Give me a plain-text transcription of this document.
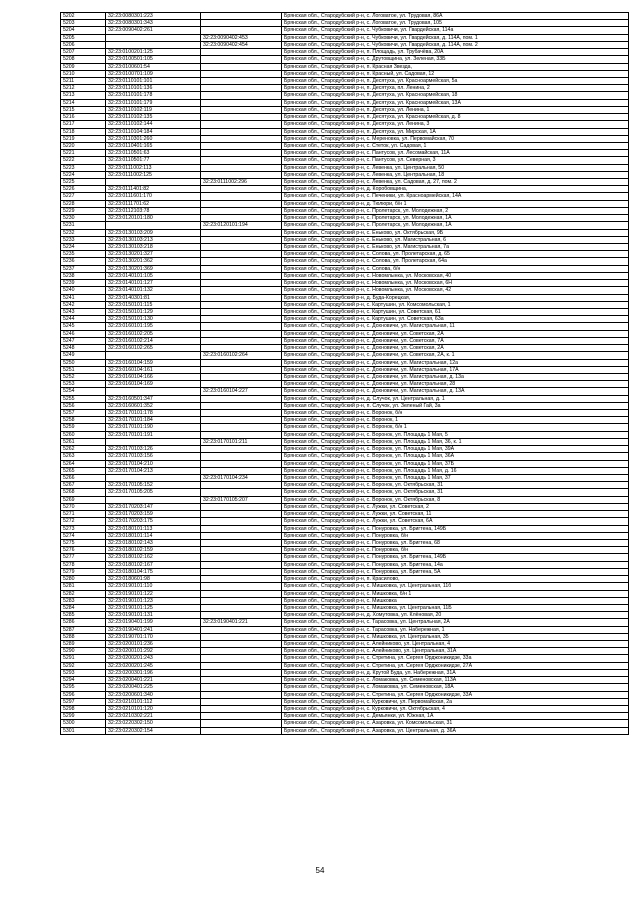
5202	32:23:0080301:223		Брянская обл., Стародубский р-н, с. Логоватое, ул. Трудовая, 86А
5203	32:23:0080301:343		Брянская обл., Стародубский р-н, с. Логоватое, ул. Трудовая, 105
5204	32:23:0090402:261		Брянская обл., Стародубский р-н, с. Чубковичи, ул. Гвардейская, 114а
5205		32:23:0090402:453	Брянская обл., Стародубский р-н, с. Чубковичи, ул. Гвардейская, д. 114А, пом. 1
5206		32:23:0090402:454	Брянская обл., Стародубский р-н, с. Чубковичи, ул. Гвардейская, д. 114А, пом. 2
5207	32:23:0100201:125		Брянская обл., Стародубский р-н, п. Площадь, ул. Трубачёва, 20А
5208	32:23:0100501:105		Брянская обл., Стародубский р-н, с. Друтовщина, ул. Зеленая, 33Б
5209	32:23:0100601:54		Брянская обл., Стародубский р-н, п. Красная Звезда,
5210	32:23:0100701:109		Брянская обл., Стародубский р-н, п. Красный, ул. Садовая, 12
5211	32:23:0110101:101		Брянская обл., Стародубский р-н, п. Десятуха, ул. Красноармейская, 5а
5212	32:23:0110101:136		Брянская обл., Стародубский р-н, п. Десятуха, пл. Ленина, 2
5213	32:23:0110101:178		Брянская обл., Стародубский р-н, п. Десятуха, ул. Красноармейская, 18
5214	32:23:0110101:179		Брянская обл., Стародубский р-н, п. Десятуха, ул. Красноармейская, 13А
5215	32:23:0110102:119		Брянская обл., Стародубский р-н, п. Десятуха, ул. Ленина, 1
5216	32:23:0110102:135		Брянская обл., Стародубский р-н, п. Десятуха, ул. Красноармейская, д. 8
5217	32:23:0110102:144		Брянская обл., Стародубский р-н, п. Десятуха, ул. Ленина, 3
5218	32:23:0110104:184		Брянская обл., Стародубский р-н, п. Десятуха, ул. Мирская, 1А
5219	32:23:0110301:260		Брянская обл., Стародубский р-н, с. Мереновка, ул. Первомайская, 70
5220	32:23:0110401:165		Брянская обл., Стародубский р-н, с. Стеток, ул. Садовая, 1
5221	32:23:0110501:63		Брянская обл., Стародубский р-н, с. Пантусов, ул. Лесомайская, 11А
5222	32:23:0110501:77		Брянская обл., Стародубский р-н, с. Пантусов, ул. Северная, 3
5223	32:23:0111002:113		Брянская обл., Стародубский р-н, с. Левенка, ул. Центральная, 50
5224	32:23:0111002:125		Брянская обл., Стародубский р-н, с. Левенка, ул. Центральная, 18
5225		32:23:0111002:296	Брянская обл., Стародубский р-н, с. Левенка, ул. Садовая, д. 27, пом. 2
5226	32:23:0111401:82		Брянская обл., Стародубский р-н, д. Коробовщина,
5227	32:23:0111601:170		Брянская обл., Стародубский р-н, с. Печеники, ул. Красноармейская, 14А
5228	32:23:0111701:62		Брянская обл., Стародубский р-н, д. Тюлюри, б/н 1
5229	32:23:0112103:78		Брянская обл., Стародубский р-н, с. Пролетарск, ул. Молодежная, 2
5230	32:23:0120101:180		Брянская обл., Стародубский р-н, с. Пролетарск, ул. Молодежная, 1А
5231		32:23:0120101:194	Брянская обл., Стародубский р-н, с. Пролетарск, ул. Молодежная, 1А
5232	32:23:0130103:209		Брянская обл., Стародубский р-н, с. Еньково, ул. Октябрьская, 9Б
5233	32:23:0130103:213		Брянская обл., Стародубский р-н, с. Еньково, ул. Магистральная, 6
5234	32:23:0130103:218		Брянская обл., Стародубский р-н, с. Еньково, ул. Магистральная, 7а
5235	32:23:0130201:327		Брянская обл., Стародубский р-н, с. Солова, ул. Пролетарская, д. 65
5236	32:23:0130201:362		Брянская обл., Стародубский р-н, с. Солова, ул. Пролетарская, 64а
5237	32:23:0130201:369		Брянская обл., Стародубский р-н, с. Солова, б/н
5238	32:23:0140101:105		Брянская обл., Стародубский р-н, с. Новомлынка, ул. Московская, 40
5239	32:23:0140101:127		Брянская обл., Стародубский р-н, с. Новомлынка, ул. Московская, 6Н
5240	32:23:0140101:132		Брянская обл., Стародубский р-н, с. Новомлынка, ул. Московская, 42
5241	32:23:0140301:81		Брянская обл., Стародубский р-н, д. Буда-Корецкая,
5242	32:23:0150101:115		Брянская обл., Стародубский р-н, с. Картушин, ул. Комсомольская, 1
5243	32:23:0150101:129		Брянская обл., Стародубский р-н, с. Картушин, ул. Советская, 61
5244	32:23:0150101:130		Брянская обл., Стародубский р-н, с. Картушин, ул. Советская, 63а
5245	32:23:0160101:195		Брянская обл., Стародубский р-н, с. Дохновичи, ул. Магистральная, 11
5246	32:23:0160102:205		Брянская обл., Стародубский р-н, с. Дохновичи, ул. Советская, 2А
5247	32:23:0160102:214		Брянская обл., Стародубский р-н, с. Дохновичи, ул. Советская, 7А
5248	32:23:0160102:265		Брянская обл., Стародубский р-н, с. Дохновичи, ул. Советская, 2А
5249		32:23:0160102:264	Брянская обл., Стародубский р-н, с. Дохновичи, ул. Советская, 2А, к. 1
5250	32:23:0160104:159		Брянская обл., Стародубский р-н, с. Дохновичи, ул. Магистральная, 12а
5251	32:23:0160104:161		Брянская обл., Стародубский р-н, с. Дохновичи, ул. Магистральная, 17А
5252	32:23:0160104:166		Брянская обл., Стародубский р-н, с. Дохновичи, ул. Магистральная, д. 13а
5253	32:23:0160104:169		Брянская обл., Стародубский р-н, с. Дохновичи, ул. Магистральная, 28
5254		32:23:0160104:227	Брянская обл., Стародубский р-н, с. Дохновичи, ул. Магистральная, д. 13А
5255	32:23:0160501:347		Брянская обл., Стародубский р-н, д. Случок, ул. Центральная, д. 1
5256	32:23:0160601:352		Брянская обл., Стародубский р-н, п. Случок, ул. Зеленый Гай, 3а
5257	32:23:0170101:178		Брянская обл., Стародубский р-н, с. Воронок, б/н
5258	32:23:0170101:184		Брянская обл., Стародубский р-н, с. Воронок, 1
5259	32:23:0170101:190		Брянская обл., Стародубский р-н, с. Воронок, б/н 1
5260	32:23:0170101:191		Брянская обл., Стародубский р-н, с. Воронок, ул. Площадь 1 Мая, 5
5261		32:23:0170101:211	Брянская обл., Стародубский р-н, с. Воронок, ул. Площадь 1 Мая, 36, к. 1
5262	32:23:0170103:126		Брянская обл., Стародубский р-н, с. Воронок, ул. Площадь 1 Мая, 39А
5263	32:23:0170103:156		Брянская обл., Стародубский р-н, с. Воронок, ул. Площадь 1 Мая, 36А
5264	32:23:0170104:210		Брянская обл., Стародубский р-н, с. Воронок, ул. Площадь 1 Мая, 37Б
5265	32:23:0170104:213		Брянская обл., Стародубский р-н, с. Воронок, ул. Площадь 1 Мая, д. 16
5266		32:23:0170104:234	Брянская обл., Стародубский р-н, с. Воронок, ул. Площадь 1 Мая, 37
5267	32:23:0170105:152		Брянская обл., Стародубский р-н, с. Воронок, ул. Октябрьская, 31
5268	32:23:0170105:205		Брянская обл., Стародубский р-н, с. Воронок, ул. Октябрьская, 31
5269		32:23:0170105:207	Брянская обл., Стародубский р-н, с. Воронок, ул. Октябрьская, 8
5270	32:23:0170203:147		Брянская обл., Стародубский р-н, с. Лужки, ул. Советская, 2
5271	32:23:0170203:159		Брянская обл., Стародубский р-н, с. Лужки, ул. Советская, 11
5272	32:23:0170203:175		Брянская обл., Стародубский р-н, с. Лужки, ул. Советская, 6А
5273	32:23:0180101:113		Брянская обл., Стародубский р-н, с. Понуровка, ул. Бригтена, 149Б
5274	32:23:0180101:114		Брянская обл., Стародубский р-н, с. Понуровка, б/н
5275	32:23:0180102:143		Брянская обл., Стародубский р-н, с. Понуровка, ул. Бригтена, 68
5276	32:23:0180102:159		Брянская обл., Стародубский р-н, с. Понуровка, б/н
5277	32:23:0180102:162		Брянская обл., Стародубский р-н, с. Понуровка, ул. Бригтена, 149Б
5278	32:23:0180102:167		Брянская обл., Стародубский р-н, с. Понуровка, ул. Бригтена, 14а
5279	32:23:0180104:175		Брянская обл., Стародубский р-н, с. Понуровка, ул. Бригтена, 5А
5280	32:23:0180601:98		Брянская обл., Стародубский р-н, п. Красилово,
5281	32:23:0190101:110		Брянская обл., Стародубский р-н, с. Мишковка, ул. Центральная, 11б
5282	32:23:0190101:122		Брянская обл., Стародубский р-н, с. Мишковка, б/н 1
5283	32:23:0190101:123		Брянская обл., Стародубский р-н, с. Мишковка
5284	32:23:0190101:125		Брянская обл., Стародубский р-н, с. Мишковка, ул. Центральная, 11Б
5285	32:23:0190101:131		Брянская обл., Стародубский р-н, д. Хомутовка, ул. Клёновая, 20
5286	32:23:0190401:199	32:23:0190401:221	Брянская обл., Стародубский р-н, с. Тарасовка, ул. Центральная, 2А
5287	32:23:0190401:241		Брянская обл., Стародубский р-н, с. Тарасовка, ул. Набережная, 1
5288	32:23:0190701:170		Брянская обл., Стародубский р-н, с. Мишковка, ул. Центральная, 35
5289	32:23:0200101:236		Брянская обл., Стародубский р-н, с. Алейниково, ул. Центральная, 4
5290	32:23:0200101:292		Брянская обл., Стародубский р-н, с. Алейниково, ул. Центральная, 31А
5291	32:23:0200201:243		Брянская обл., Стародубский р-н, с. Стретина, ул. Сергея Орджоникидзе, 33а
5292	32:23:0200201:245		Брянская обл., Стародубский р-н, с. Стретина, ул. Сергея Орджоникидзе, 27А
5293	32:23:0200301:196		Брянская обл., Стародубский р-н, д. Крутой Буда, ул. Набережная, 31А
5294	32:23:0200401:221		Брянская обл., Стародубский р-н, с. Ломаковка, ул. Семеновская, 113А
5295	32:23:0200401:225		Брянская обл., Стародубский р-н, с. Ломаковка, ул. Семеновская, 18А
5296	32:23:0200601:340		Брянская обл., Стародубский р-н, с. Стретина, ул. Сергея Орджоникидзе, 33А
5297	32:23:0210101:112		Брянская обл., Стародубский р-н, с. Курковичи, ул. Первомайская, 2а
5298	32:23:0210101:120		Брянская обл., Стародубский р-н, с. Курковичи, ул. Октябрьская, 4
5299	32:23:0210302:221		Брянская обл., Стародубский р-н, с. Демьянки, ул. Южная, 1А
5300	32:23:0220302:150		Брянская обл., Стародубский р-н, с. Азаровка, ул. Комсомольская, 31
5301	32:23:0220302:154		Брянская обл., Стародубский р-н, с. Азаровка, ул. Центральная, д. 36А
54
